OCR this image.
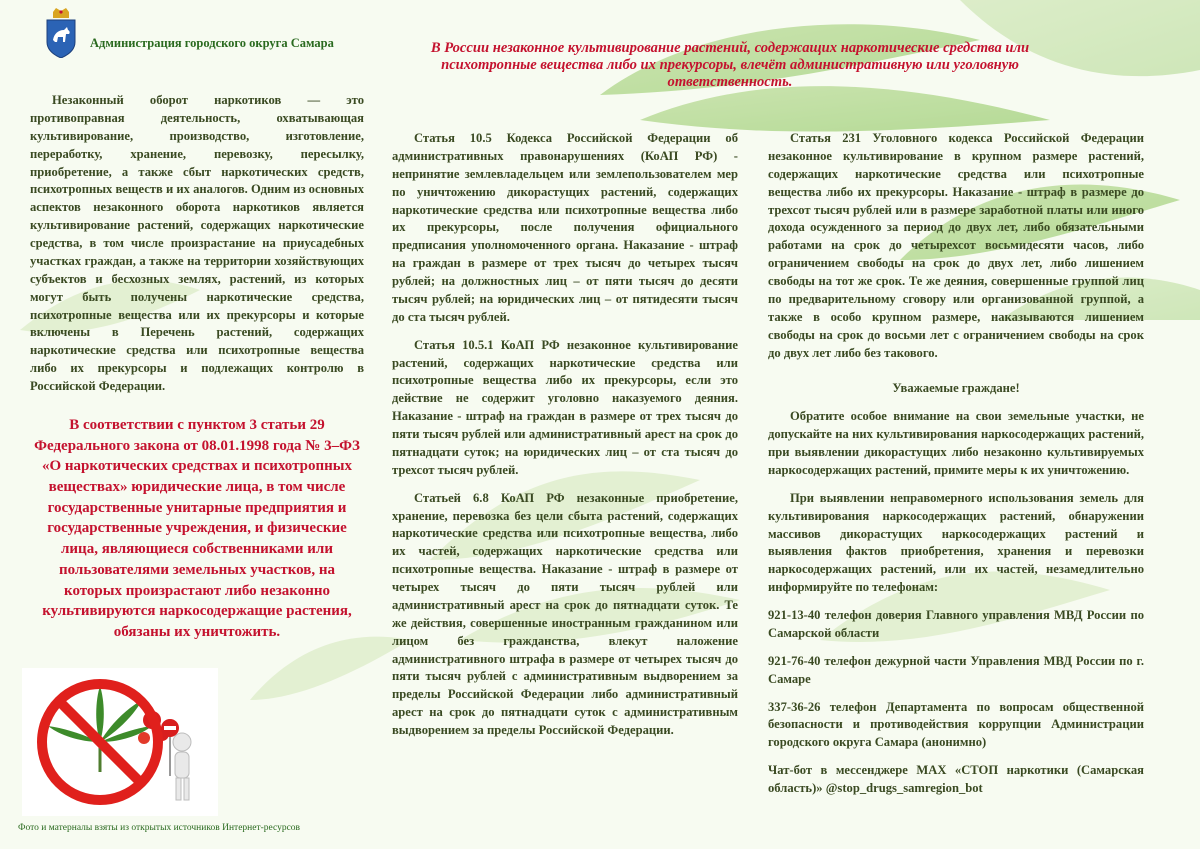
Администрация городского округа Самара	В России незаконное культивирование растений, содержащих наркотические средства или психотропные вещества либо их прекурсоры, влечёт административную или уголовную ответственность.

Незаконный оборот наркотиков — это противоправная деятельность, охватывающая культивирование, производство, изготовление, переработку, хранение, перевозку, пересылку, приобретение, а также сбыт наркотических средств, психотропных веществ и их аналогов. Одним из основных аспектов незаконного оборота наркотиков является культивирование растений, содержащих наркотические средства, в том числе произрастание на приусадебных участках граждан, а также на территории хозяйствующих субъектов и бесхозных землях, растений, из которых могут быть получены наркотические средства, психотропные вещества или их прекурсоры и которые включены в Перечень растений, содержащих наркотические средства или психотропные вещества либо их прекурсоры и подлежащих контролю в Российской Федерации.

В соответствии с пунктом 3 статьи 29 Федерального закона от 08.01.1998 года № 3–ФЗ «О наркотических средствах и психотропных веществах» юридические лица, в том числе государственные унитарные предприятия и государственные учреждения, и физические лица, являющиеся собственниками или пользователями земельных участков, на которых произрастают либо незаконно культивируются наркосодержащие растения, обязаны их уничтожить.

Статья 10.5 Кодекса Российской Федерации об административных правонарушениях (КоАП РФ) - непринятие землевладельцем или землепользователем мер по уничтожению дикорастущих растений, содержащих наркотические средства или психотропные вещества либо их прекурсоры, после получения официального предписания уполномоченного органа. Наказание - штраф на граждан в размере от трех тысяч до четырех тысяч рублей; на должностных лиц – от пяти тысяч до десяти тысяч рублей; на юридических лиц – от пятидесяти тысяч до ста тысяч рублей.

Статья 10.5.1 КоАП РФ незаконное культивирование растений, содержащих наркотические средства или психотропные вещества либо их прекурсоры, если это действие не содержит уголовно наказуемого деяния. Наказание - штраф на граждан в размере от трех тысяч до пяти тысяч рублей или административный арест на срок до пятнадцати суток; на юридических лиц – от ста тысяч до трехсот тысяч рублей.

Статьей 6.8 КоАП РФ незаконные приобретение, хранение, перевозка без цели сбыта растений, содержащих наркотические средства или психотропные вещества, либо их частей, содержащих наркотические средства или психотропные вещества. Наказание - штраф в размере от четырех тысяч до пяти тысяч рублей или административный арест на срок до пятнадцати суток. Те же действия, совершенные иностранным гражданином или лицом без гражданства, влекут наложение административного штрафа в размере от четырех тысяч до пяти тысяч рублей с административным выдворением за пределы Российской Федерации либо административный арест на срок до пятнадцати суток с административным выдворением за пределы Российской Федерации.

Статья 231 Уголовного кодекса Российской Федерации незаконное культивирование в крупном размере растений, содержащих наркотические средства или психотропные вещества либо их прекурсоры. Наказание - штраф в размере до трехсот тысяч рублей или в размере заработной платы или иного дохода осужденного за период до двух лет, либо обязательными работами на срок до четырехсот восьмидесяти часов, либо ограничением свободы на срок до двух лет, либо лишением свободы на тот же срок. Те же деяния, совершенные группой лиц по предварительному сговору или организованной группой, а также в особо крупном размере, наказываются лишением свободы на срок до восьми лет с ограничением свободы на срок до двух лет либо без такового.

Уважаемые граждане!

Обратите особое внимание на свои земельные участки, не допускайте на них культивирования наркосодержащих растений, при выявлении дикорастущих либо незаконно культивируемых наркосодержащих растений, примите меры к их уничтожению.

При выявлении неправомерного использования земель для культивирования наркосодержащих растений, обнаружении массивов дикорастущих наркосодержащих растений и выявления фактов приобретения, хранения и перевозки наркосодержащих растений, или их частей, незамедлительно информируйте по телефонам:

921-13-40 телефон доверия Главного управления МВД России по Самарской области

921-76-40 телефон дежурной части Управления МВД России по г. Самаре

337-36-26 телефон Департамента по вопросам общественной безопасности и противодействия коррупции Администрации городского округа Самара (анонимно)

Чат-бот в мессенджере MAX «СТОП наркотики (Самарская область)» @stop_drugs_samregion_bot

Фото и матерналы взяты из открытых источников Интернет-ресурсов
